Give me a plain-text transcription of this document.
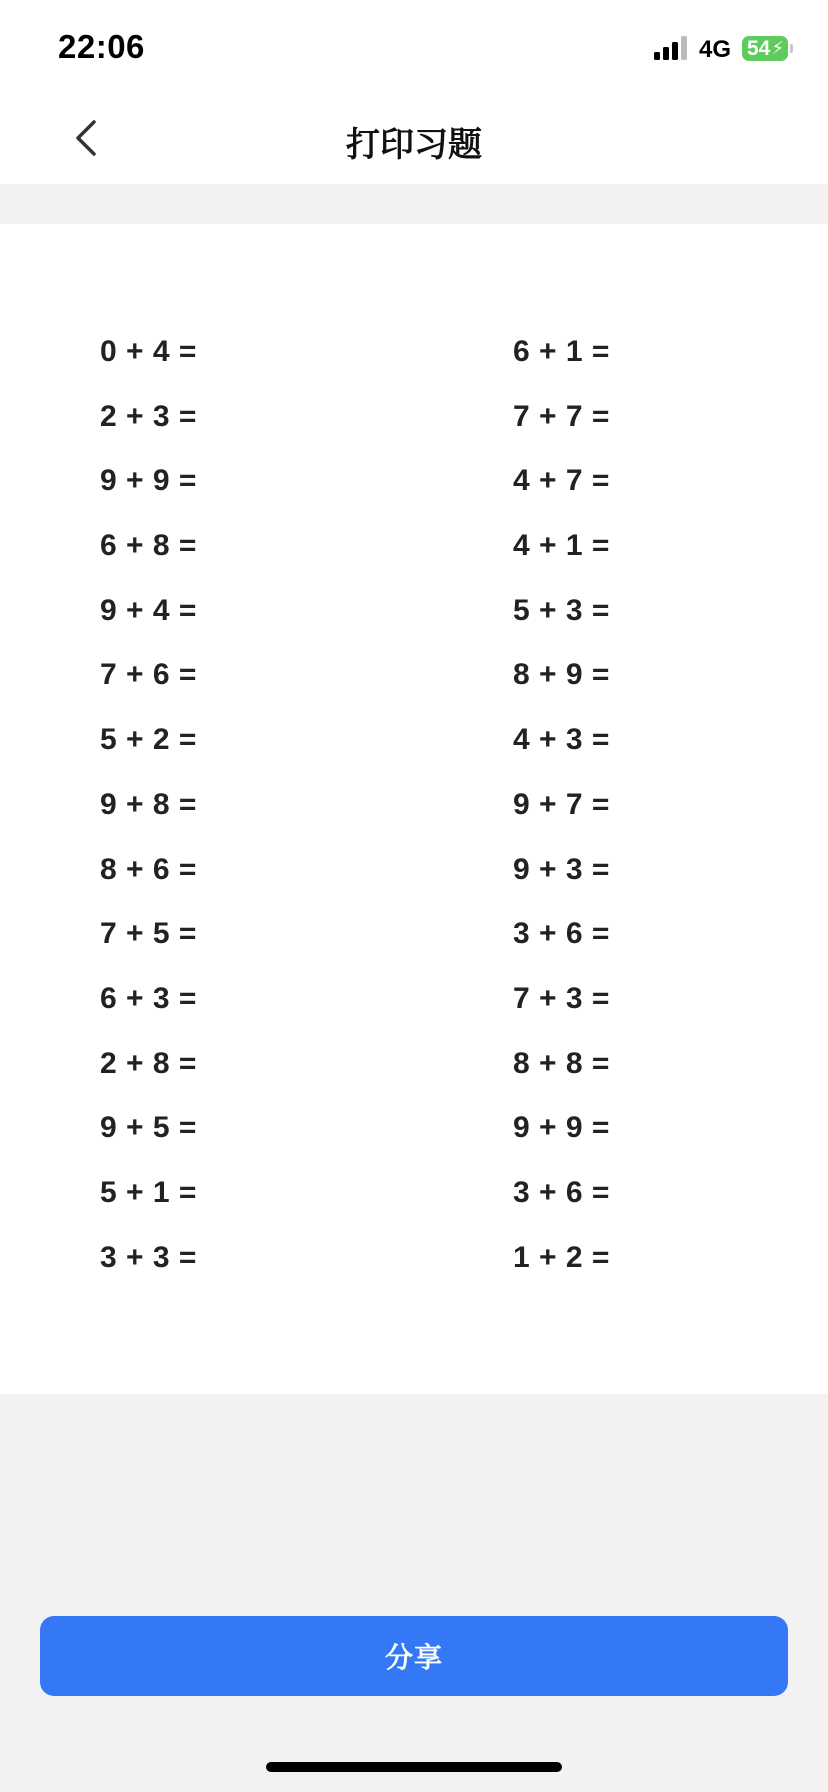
22:06	4G 54 ⚡
打印习题
0 + 4 =	6 + 1 =
2 + 3 =	7 + 7 =
9 + 9 =	4 + 7 =
6 + 8 =	4 + 1 =
9 + 4 =	5 + 3 =
7 + 6 =	8 + 9 =
5 + 2 =	4 + 3 =
9 + 8 =	9 + 7 =
8 + 6 =	9 + 3 =
7 + 5 =	3 + 6 =
6 + 3 =	7 + 3 =
2 + 8 =	8 + 8 =
9 + 5 =	9 + 9 =
5 + 1 =	3 + 6 =
3 + 3 =	1 + 2 =
分享
